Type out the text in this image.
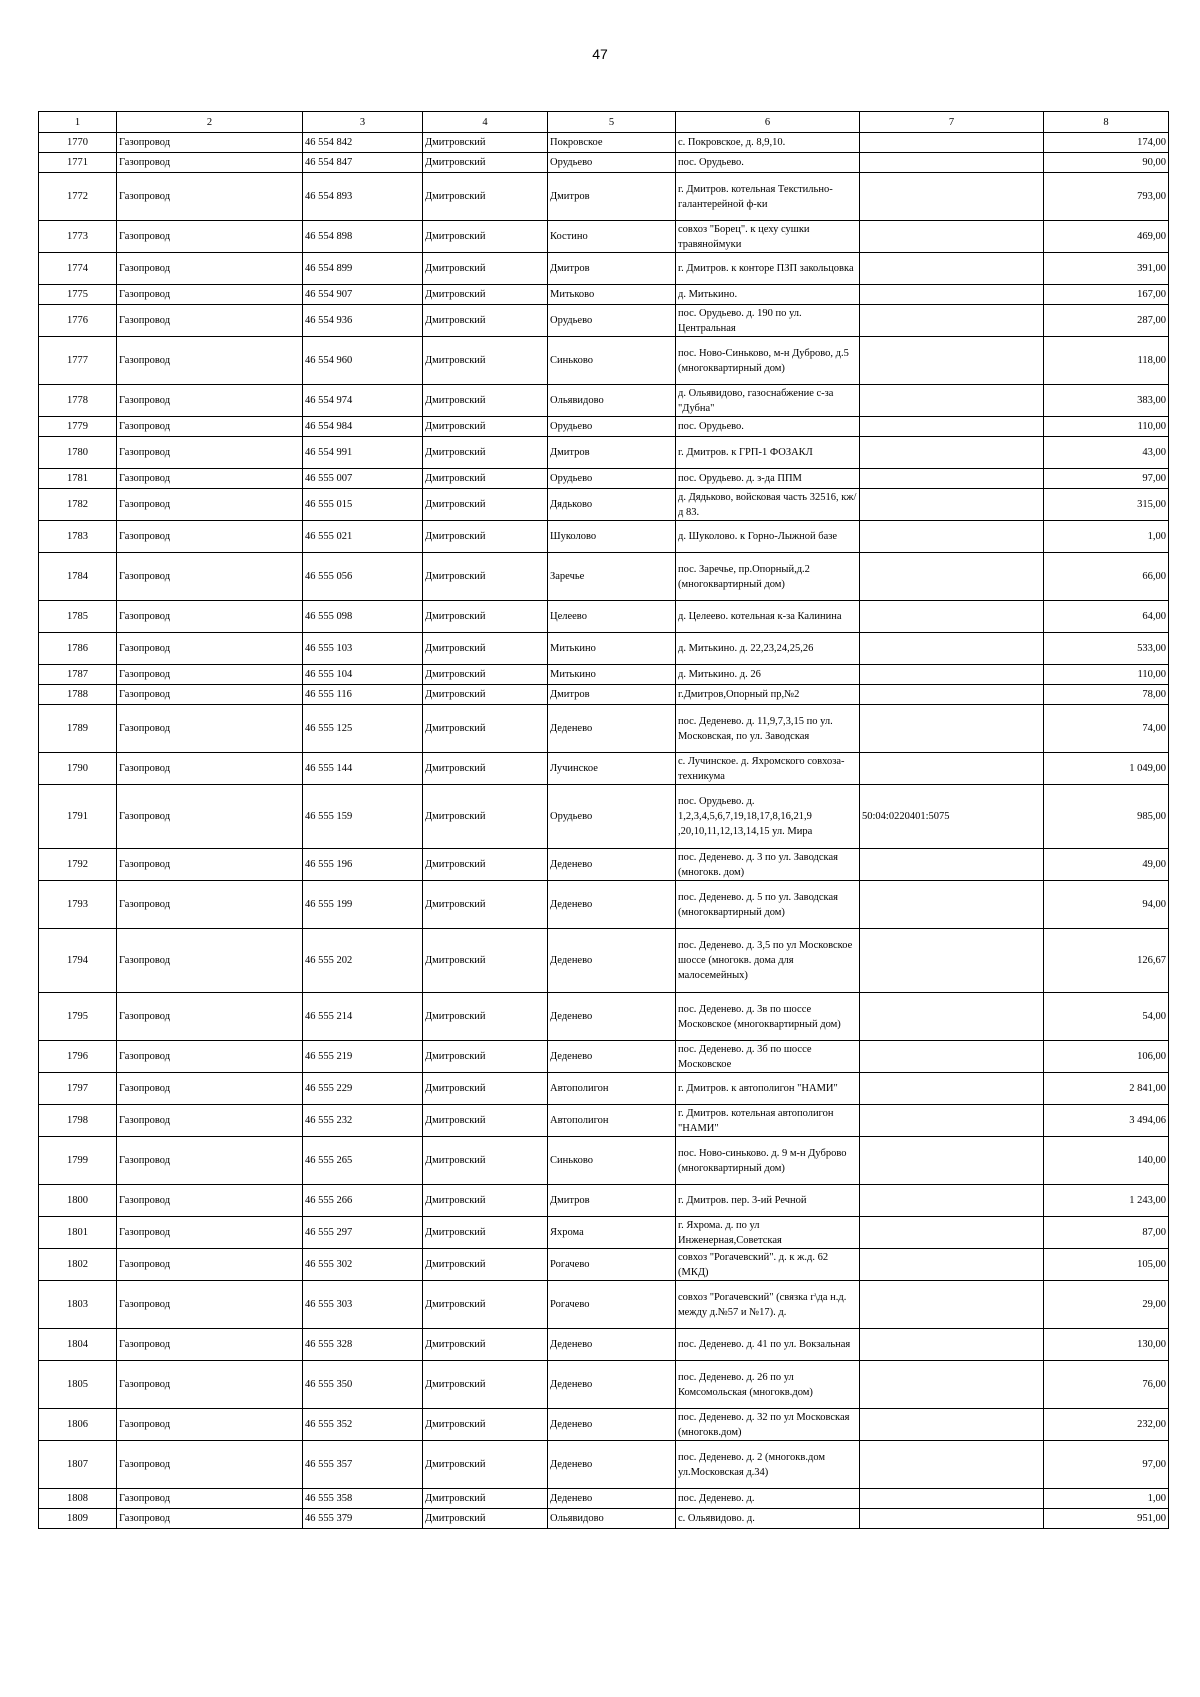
47
1	2	3	4	5	6	7	8
1770	Газопровод	46 554 842	Дмитровский	Покровское	с. Покровское, д. 8,9,10.		174,00
1771	Газопровод	46 554 847	Дмитровский	Орудьево	пос. Орудьево.		90,00
1772	Газопровод	46 554 893	Дмитровский	Дмитров	г. Дмитров. котельная Текстильно-галантерейной ф-ки		793,00
1773	Газопровод	46 554 898	Дмитровский	Костино	совхоз "Борец". к цеху сушки травяноймуки		469,00
1774	Газопровод	46 554 899	Дмитровский	Дмитров	г. Дмитров. к конторе ПЗП закольцовка		391,00
1775	Газопровод	46 554 907	Дмитровский	Митьково	д. Митькино.		167,00
1776	Газопровод	46 554 936	Дмитровский	Орудьево	пос. Орудьево. д. 190 по ул. Центральная		287,00
1777	Газопровод	46 554 960	Дмитровский	Синьково	пос. Ново-Синьково, м-н Дуброво, д.5 (многоквартирный дом)		118,00
1778	Газопровод	46 554 974	Дмитровский	Ольявидово	д. Ольявидово, газоснабжение с-за "Дубна"		383,00
1779	Газопровод	46 554 984	Дмитровский	Орудьево	пос. Орудьево.		110,00
1780	Газопровод	46 554 991	Дмитровский	Дмитров	г. Дмитров. к ГРП-1 ФОЗАКЛ		43,00
1781	Газопровод	46 555 007	Дмитровский	Орудьево	пос. Орудьево. д. з-да ППМ		97,00
1782	Газопровод	46 555 015	Дмитровский	Дядьково	д. Дядьково, войсковая часть 32516, кж/д 83.		315,00
1783	Газопровод	46 555 021	Дмитровский	Шуколово	д. Шуколово. к Горно-Лыжной базе		1,00
1784	Газопровод	46 555 056	Дмитровский	Заречье	пос. Заречье, пр.Опорный,д.2 (многоквартирный дом)		66,00
1785	Газопровод	46 555 098	Дмитровский	Целеево	д. Целеево. котельная к-за Калинина		64,00
1786	Газопровод	46 555 103	Дмитровский	Митькино	д. Митькино. д. 22,23,24,25,26		533,00
1787	Газопровод	46 555 104	Дмитровский	Митькино	д. Митькино. д. 26		110,00
1788	Газопровод	46 555 116	Дмитровский	Дмитров	г.Дмитров,Опорный пр,№2		78,00
1789	Газопровод	46 555 125	Дмитровский	Деденево	пос. Деденево. д. 11,9,7,3,15 по ул. Московская, по ул. Заводская		74,00
1790	Газопровод	46 555 144	Дмитровский	Лучинское	с. Лучинское. д. Яхромского совхоза-техникума		1 049,00
1791	Газопровод	46 555 159	Дмитровский	Орудьево	пос. Орудьево. д. 1,2,3,4,5,6,7,19,18,17,8,16,21,9 ,20,10,11,12,13,14,15 ул. Мира	50:04:0220401:5075	985,00
1792	Газопровод	46 555 196	Дмитровский	Деденево	пос. Деденево. д. 3 по ул. Заводская (многокв. дом)		49,00
1793	Газопровод	46 555 199	Дмитровский	Деденево	пос. Деденево. д. 5 по ул. Заводская (многоквартирный дом)		94,00
1794	Газопровод	46 555 202	Дмитровский	Деденево	пос. Деденево. д. 3,5 по ул Московское шоссе (многокв. дома для малосемейных)		126,67
1795	Газопровод	46 555 214	Дмитровский	Деденево	пос. Деденево. д. 3в по шоссе Московское (многоквартирный дом)		54,00
1796	Газопровод	46 555 219	Дмитровский	Деденево	пос. Деденево. д. 3б по шоссе Московское		106,00
1797	Газопровод	46 555 229	Дмитровский	Автополигон	г. Дмитров. к автополигон "НАМИ"		2 841,00
1798	Газопровод	46 555 232	Дмитровский	Автополигон	г. Дмитров. котельная автополигон "НАМИ"		3 494,06
1799	Газопровод	46 555 265	Дмитровский	Синьково	пос. Ново-синьково. д. 9 м-н Дуброво (многоквартирный дом)		140,00
1800	Газопровод	46 555 266	Дмитровский	Дмитров	г. Дмитров. пер. 3-ий Речной		1 243,00
1801	Газопровод	46 555 297	Дмитровский	Яхрома	г. Яхрома. д. по ул Инженерная,Советская		87,00
1802	Газопровод	46 555 302	Дмитровский	Рогачево	совхоз "Рогачевский". д. к ж.д. 62 (МКД)		105,00
1803	Газопровод	46 555 303	Дмитровский	Рогачево	совхоз "Рогачевский" (связка г\да н.д. между д.№57 и №17). д.		29,00
1804	Газопровод	46 555 328	Дмитровский	Деденево	пос. Деденево. д. 41 по ул. Вокзальная		130,00
1805	Газопровод	46 555 350	Дмитровский	Деденево	пос. Деденево. д. 26 по ул Комсомольская (многокв.дом)		76,00
1806	Газопровод	46 555 352	Дмитровский	Деденево	пос. Деденево. д. 32 по ул Московская (многокв.дом)		232,00
1807	Газопровод	46 555 357	Дмитровский	Деденево	пос. Деденево. д. 2 (многокв.дом ул.Московская д.34)		97,00
1808	Газопровод	46 555 358	Дмитровский	Деденево	пос. Деденево. д.		1,00
1809	Газопровод	46 555 379	Дмитровский	Ольявидово	с. Ольявидово. д.		951,00
